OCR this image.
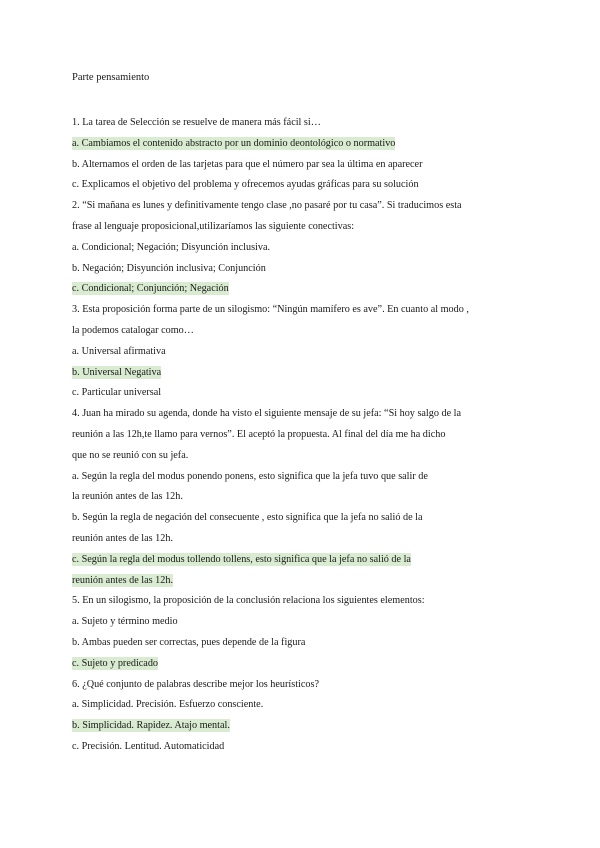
Parte pensamiento
1. La tarea de Selección se resuelve de manera más fácil si…
a. Cambiamos el contenido abstracto por un dominio deontológico o normativo
b. Alternamos el orden de las tarjetas para que el número par sea la última en aparecer
c. Explicamos el objetivo del problema y ofrecemos ayudas gráficas para su solución
2. “Si mañana es lunes y definitivamente tengo clase ,no pasaré por tu casa”. Si traducimos esta
frase al lenguaje proposicional,utilizaríamos las siguiente conectivas:
a. Condicional; Negación; Disyunción inclusiva.
b. Negación; Disyunción inclusiva; Conjunción
c. Condicional; Conjunción; Negación
3. Esta proposición forma parte de un silogismo: “Ningún mamífero es ave”. En cuanto al modo ,
la podemos catalogar como…
a. Universal afirmativa
b. Universal Negativa
c. Particular universal
4. Juan ha mirado su agenda, donde ha visto el siguiente mensaje de su jefa: “Si hoy salgo de la
reunión a las 12h,te llamo para vernos”. El aceptó la propuesta. Al final del día me ha dicho
que no se reunió con su jefa.
a. Según la regla del modus ponendo ponens, esto significa que la jefa tuvo que salir de
la reunión antes de las 12h.
b. Según la regla de negación del consecuente , esto significa que la jefa no salió de la
reunión antes de las 12h.
c. Según la regla del modus tollendo tollens, esto significa que la jefa no salió de la
reunión antes de las 12h.
5. En un silogismo, la proposición de la conclusión relaciona los siguientes elementos:
a. Sujeto y término medio
b. Ambas pueden ser correctas, pues depende de la figura
c. Sujeto y predicado
6. ¿Qué conjunto de palabras describe mejor los heurísticos?
a. Simplicidad. Precisión. Esfuerzo consciente.
b. Simplicidad. Rapidez. Atajo mental.
c. Precisión. Lentitud. Automaticidad
